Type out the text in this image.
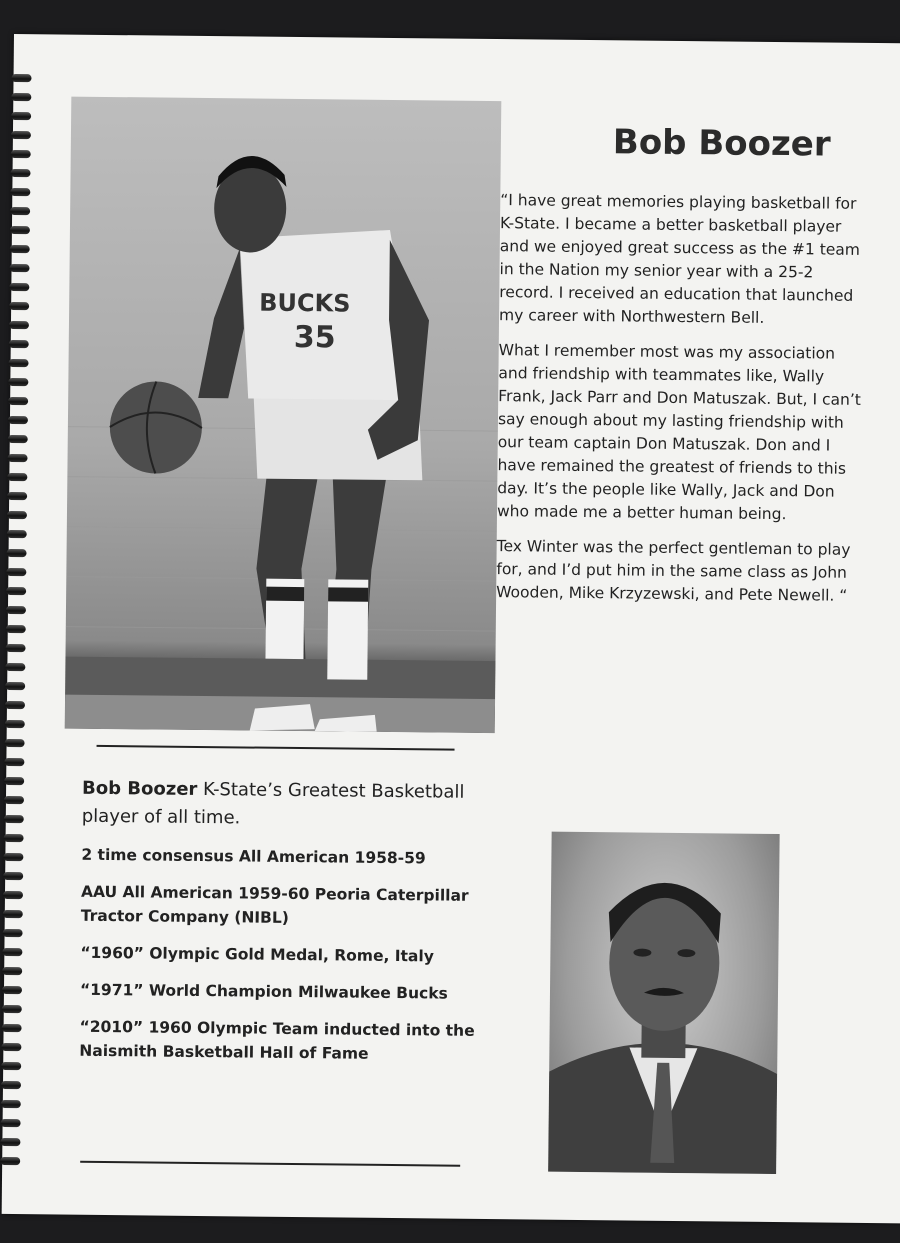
BUCKS
35
Bob Boozer

“I have great memories playing basketball for K-State. I became a better basketball player and we enjoyed great success as the #1 team in the Nation my senior year with a 25-2 record. I received an education that launched my career with Northwestern Bell.

What I remember most was my association and friendship with teammates like, Wally Frank, Jack Parr and Don Matuszak. But, I can’t say enough about my lasting friendship with our team captain Don Matuszak. Don and I have remained the greatest of friends to this day. It’s the people like Wally, Jack and Don who made me a better human being.

Tex Winter was the perfect gentleman to play for, and I’d put him in the same class as John Wooden, Mike Krzyzewski, and Pete Newell. “

Bob Boozer K-State’s Greatest Basketball player of all time.
2 time consensus All American 1958-59
AAU All American 1959-60 Peoria Caterpillar Tractor Company (NIBL)
“1960” Olympic Gold Medal, Rome, Italy
“1971” World Champion Milwaukee Bucks
“2010” 1960 Olympic Team inducted into the Naismith Basketball Hall of Fame
